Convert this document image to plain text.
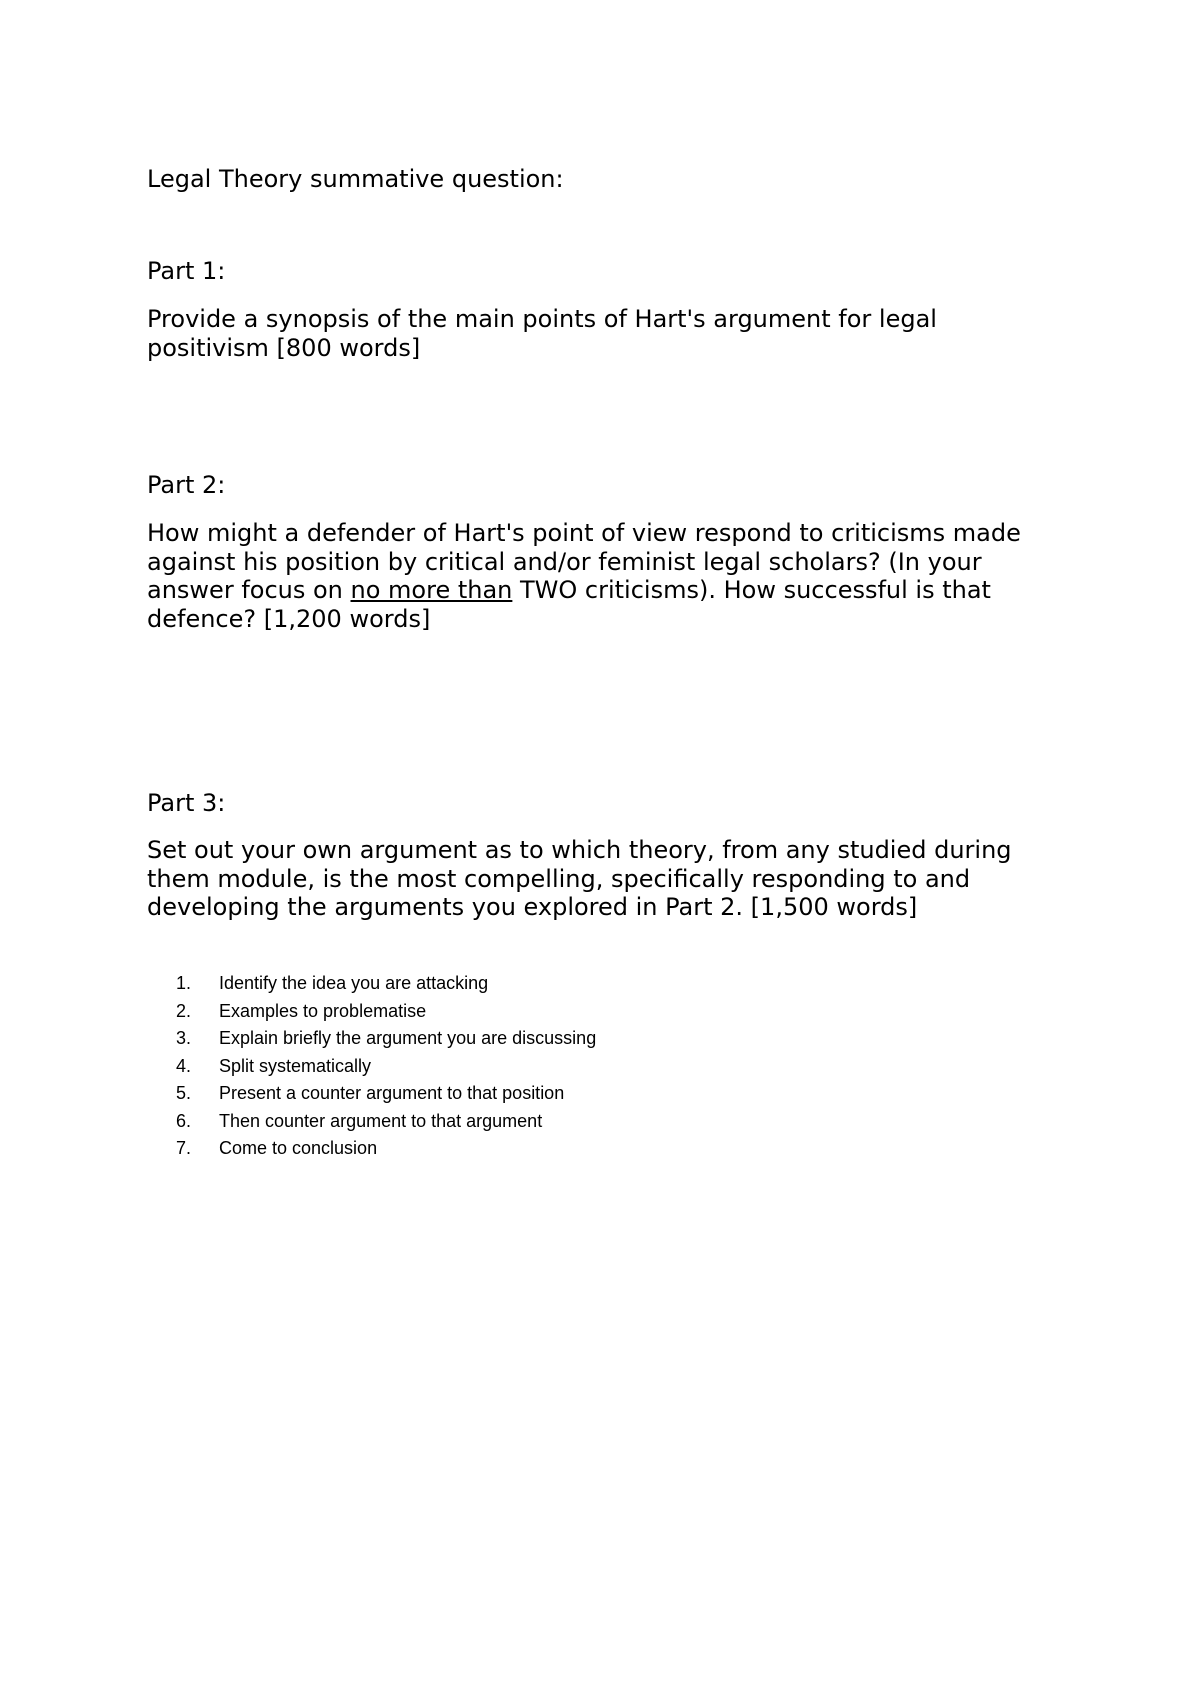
Legal Theory summative question:
Part 1:

Provide a synopsis of the main points of Hart's argument for legal positivism [800 words]

Part 2:

How might a defender of Hart's point of view respond to criticisms made against his position by critical and/or feminist legal scholars? (In your answer focus on no more than TWO criticisms). How successful is that defence? [1,200 words]

Part 3:

Set out your own argument as to which theory, from any studied during them module, is the most compelling, specifically responding to and developing the arguments you explored in Part 2. [1,500 words]

1.	Identify the idea you are attacking
2.	Examples to problematise
3.	Explain briefly the argument you are discussing
4.	Split systematically
5.	Present a counter argument to that position
6.	Then counter argument to that argument
7.	Come to conclusion
